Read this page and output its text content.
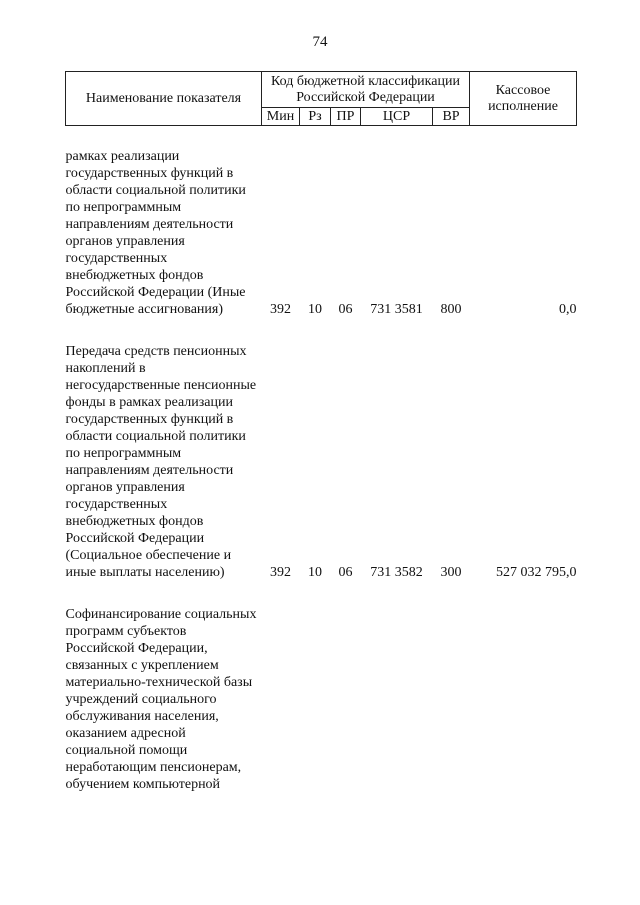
74
Наименование показателя	Код бюджетной классификации Российской Федерации					Кассовое исполнение
	Мин	Рз	ПР	ЦСР	ВР	

рамках реализации государственных функций в области социальной политики по непрограммным направлениям деятельности органов управления государственных внебюджетных фондов Российской Федерации (Иные бюджетные ассигнования)	392	10	06	731 3581	800	0,0

Передача средств пенсионных накоплений в негосударственные пенсионные фонды в рамках реализации государственных функций в области социальной политики по непрограммным направлениям деятельности органов управления государственных внебюджетных фондов Российской Федерации (Социальное обеспечение и иные выплаты населению)	392	10	06	731 3582	300	527 032 795,0

Софинансирование социальных программ субъектов Российской Федерации, связанных с укреплением материально-технической базы учреждений социального обслуживания населения, оказанием адресной социальной помощи неработающим пенсионерам, обучением компьютерной						
